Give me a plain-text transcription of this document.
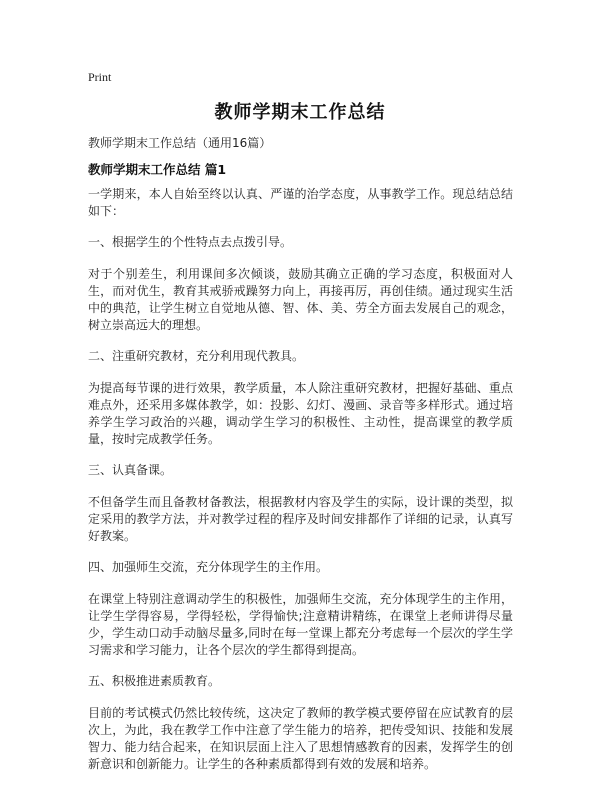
Print
教师学期末工作总结
教师学期末工作总结（通用16篇）
教师学期末工作总结 篇1

一学期来，本人自始至终以认真、严谨的治学态度，从事教学工作。现总结总结如下：

一、根据学生的个性特点去点拨引导。

对于个别差生，利用课间多次倾谈，鼓励其确立正确的学习态度，积极面对人生，而对优生，教育其戒骄戒躁努力向上，再接再厉，再创佳绩。通过现实生活中的典范，让学生树立自觉地从德、智、体、美、劳全方面去发展自己的观念，树立崇高远大的理想。

二、注重研究教材，充分利用现代教具。

为提高每节课的进行效果，教学质量，本人除注重研究教材，把握好基础、重点难点外，还采用多媒体教学，如：投影、幻灯、漫画、录音等多样形式。通过培养学生学习政治的兴趣，调动学生学习的积极性、主动性，提高课堂的教学质量，按时完成教学任务。

三、认真备课。

不但备学生而且备教材备教法，根据教材内容及学生的实际，设计课的类型，拟定采用的教学方法，并对教学过程的程序及时间安排都作了详细的记录，认真写好教案。

四、加强师生交流，充分体现学生的主作用。

在课堂上特别注意调动学生的积极性，加强师生交流，充分体现学生的主作用，让学生学得容易，学得轻松，学得愉快;注意精讲精练，在课堂上老师讲得尽量少，学生动口动手动脑尽量多,同时在每一堂课上都充分考虑每一个层次的学生学习需求和学习能力，让各个层次的学生都得到提高。

五、积极推进素质教育。

目前的考试模式仍然比较传统，这决定了教师的教学模式要停留在应试教育的层次上，为此，我在教学工作中注意了学生能力的培养，把传受知识、技能和发展智力、能力结合起来，在知识层面上注入了思想情感教育的因素，发挥学生的创新意识和创新能力。让学生的各种素质都得到有效的发展和培养。
